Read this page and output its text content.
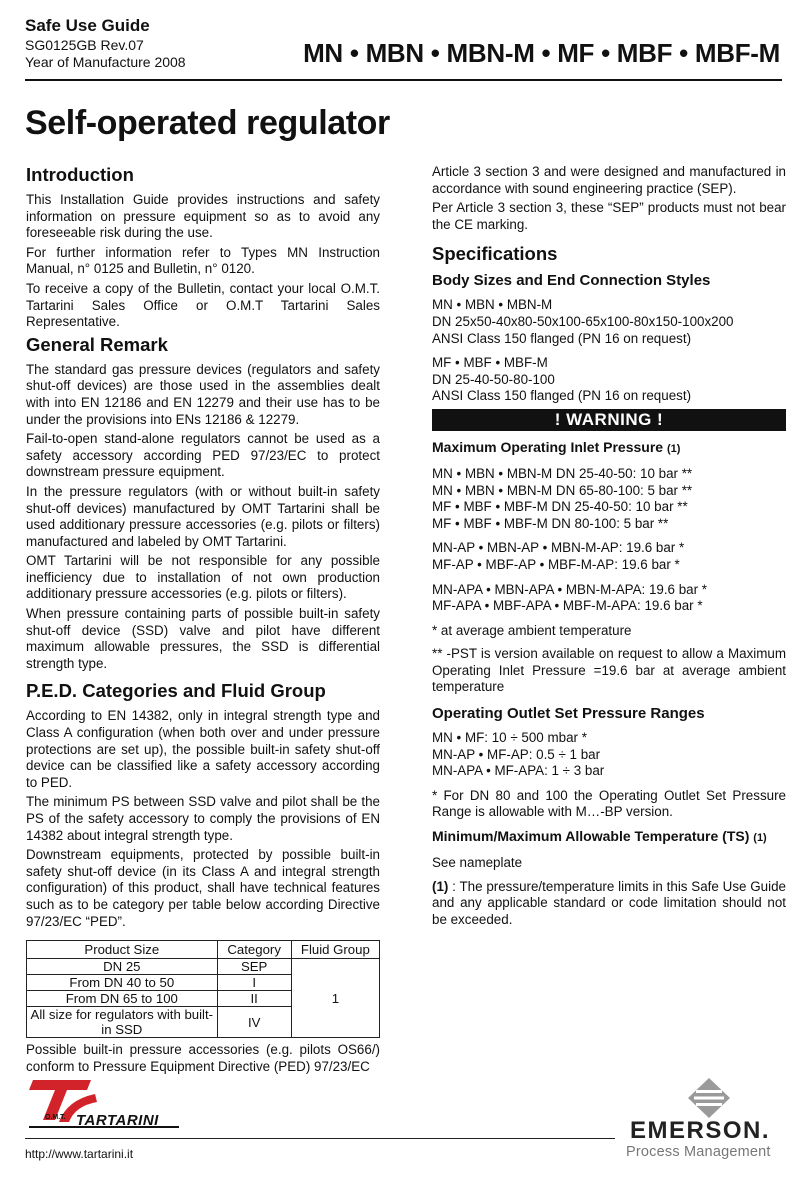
Safe Use Guide
SG0125GB Rev.07
Year of Manufacture 2008	MN • MBN • MBN-M • MF • MBF • MBF-M
Self-operated regulator
Introduction

This Installation Guide provides instructions and safety information on pressure equipment so as to avoid any foreseeable risk during the use.

For further information refer to Types MN Instruction Manual, n° 0125 and Bulletin, n° 0120.

To receive a copy of the Bulletin, contact your local O.M.T. Tartarini Sales Office or O.M.T Tartarini Sales Representative.

General Remark

The standard gas pressure devices (regulators and safety shut-off devices) are those used in the assemblies dealt with into EN 12186 and EN 12279 and their use has to be under the provisions into ENs 12186 & 12279.

Fail-to-open stand-alone regulators cannot be used as a safety accessory according PED 97/23/EC to protect downstream pressure equipment.

In the pressure regulators (with or without built-in safety shut-off devices) manufactured by OMT Tartarini shall be used additionary pressure accessories (e.g. pilots or filters) manufactured and labeled by OMT Tartarini.

OMT Tartarini will be not responsible for any possible inefficiency due to installation of not own production additionary pressure accessories (e.g. pilots or filters).

When pressure containing parts of possible built-in safety shut-off device (SSD) valve and pilot have different maximum allowable pressures, the SSD is differential strength type.

P.E.D. Categories and Fluid Group

According to EN 14382, only in integral strength type and Class A configuration (when both over and under pressure protections are set up), the possible built-in safety shut-off device can be classified like a safety accessory according to PED.

The minimum PS between SSD valve and pilot shall be the PS of the safety accessory to comply the provisions of EN 14382 about integral strength type.

Downstream equipments, protected by possible built-in safety shut-off device (in its Class A and integral strength configuration) of this product, shall have technical features such as to be category per table below according Directive 97/23/EC “PED”.

Product Size	Category	Fluid Group
DN 25	SEP	1
From DN 40 to 50	I	
From DN 65 to 100	II	
All size for regulators with built-in SSD	IV	

Possible built-in pressure accessories (e.g. pilots OS66/) conform to Pressure Equipment Directive (PED) 97/23/EC

Article 3 section 3 and were designed and manufactured in accordance with sound engineering practice (SEP).

Per Article 3 section 3, these “SEP” products must not bear the CE marking.

Specifications
Body Sizes and End Connection Styles
MN • MBN • MBN-M
DN 25x50-40x80-50x100-65x100-80x150-100x200
ANSI Class 150 flanged (PN 16 on request)
MF • MBF • MBF-M
DN 25-40-50-80-100
ANSI Class 150 flanged (PN 16 on request)
! WARNING !
Maximum Operating Inlet Pressure (1)
MN • MBN • MBN-M DN 25-40-50: 10 bar **
MN • MBN • MBN-M DN 65-80-100: 5 bar **
MF • MBF • MBF-M DN 25-40-50: 10 bar **
MF • MBF • MBF-M DN 80-100: 5 bar **
MN-AP • MBN-AP • MBN-M-AP: 19.6 bar *
MF-AP • MBF-AP • MBF-M-AP: 19.6 bar *
MN-APA • MBN-APA • MBN-M-APA: 19.6 bar *
MF-APA • MBF-APA • MBF-M-APA: 19.6 bar *

* at average ambient temperature

** -PST is version available on request to allow a Maximum Operating Inlet Pressure =19.6 bar at average ambient temperature

Operating Outlet Set Pressure Ranges
MN • MF: 10 ÷ 500 mbar *
MN-AP • MF-AP: 0.5 ÷ 1 bar
MN-APA • MF-APA: 1 ÷ 3 bar

* For DN 80 and 100 the Operating Outlet Set Pressure Range is allowable with M…-BP version.

Minimum/Maximum Allowable Temperature (TS) (1)

See nameplate

(1) : The pressure/temperature limits in this Safe Use Guide and any applicable standard or code limitation should not be exceeded.

O.M.T. TARTARINI
http://www.tartarini.it
EMERSON.
Process Management
